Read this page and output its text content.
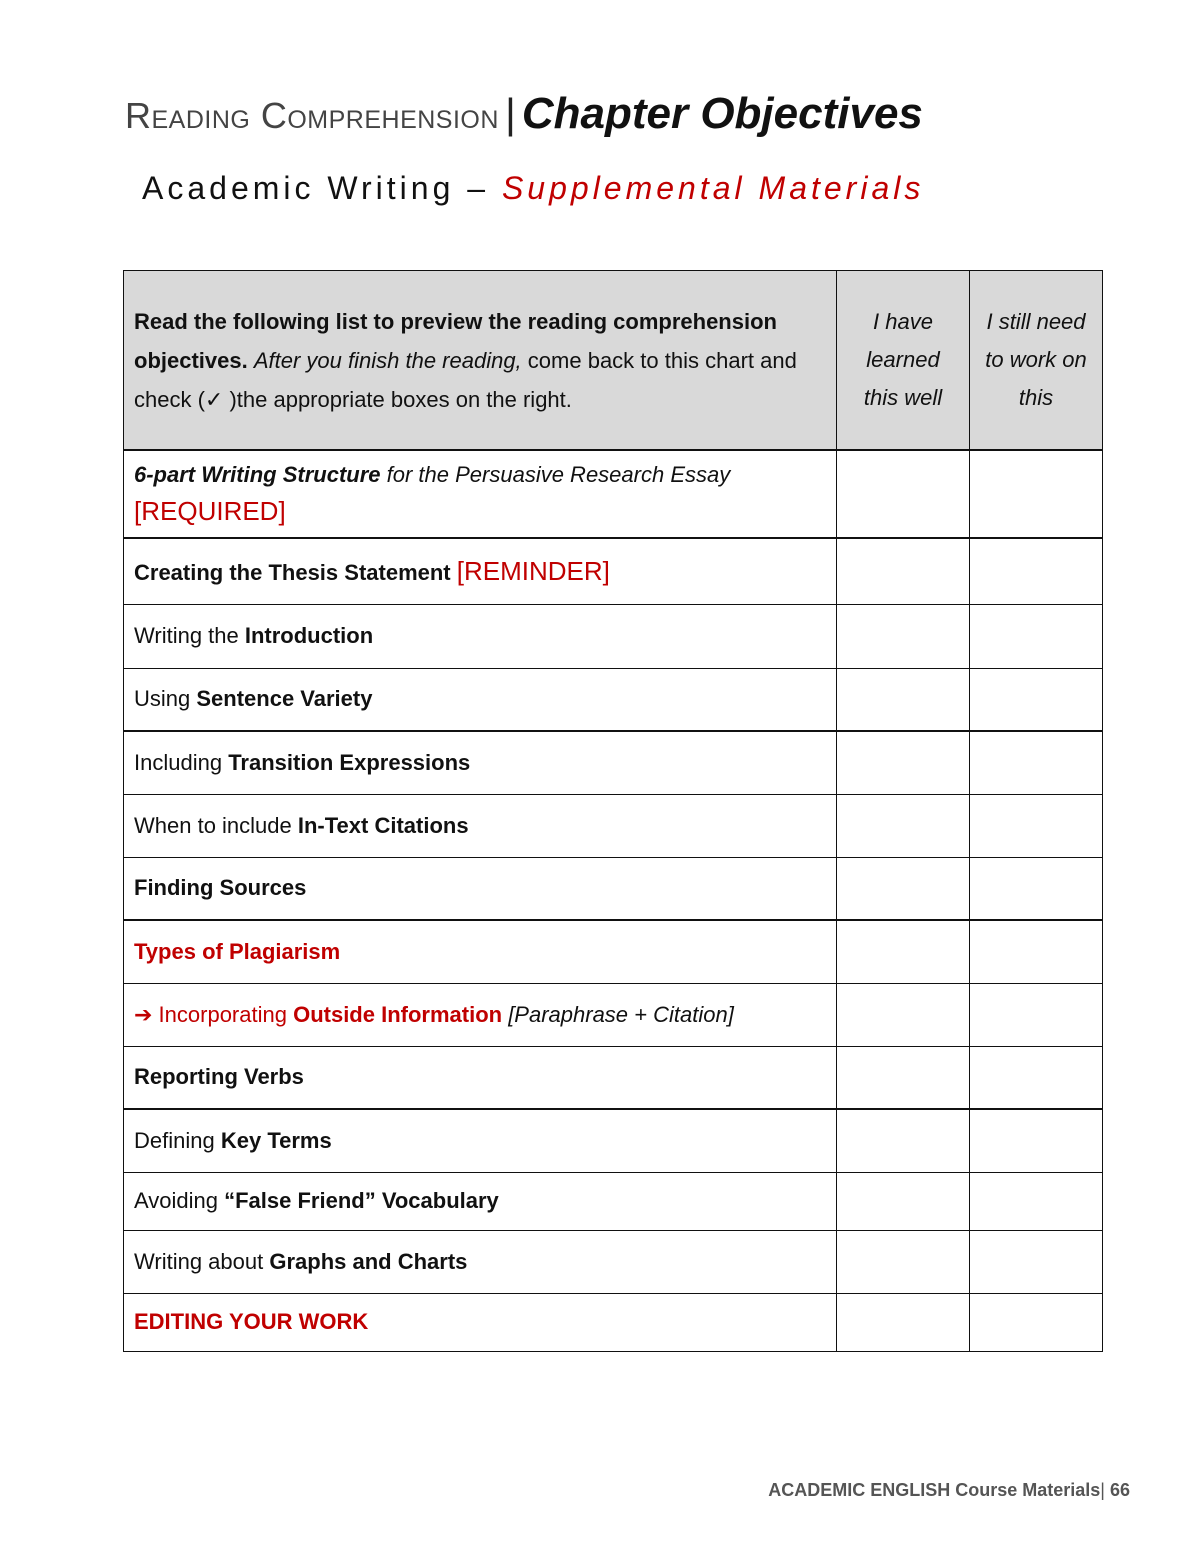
Reading Comprehension | Chapter Objectives
Academic Writing – Supplemental Materials
Read the following list to preview the reading comprehension objectives. After you finish the reading, come back to this chart and check (✓ )the appropriate boxes on the right.	I have learned this well	I still need to work on this
6-part Writing Structure for the Persuasive Research Essay [REQUIRED]		
Creating the Thesis Statement [REMINDER]		
Writing the Introduction		
Using Sentence Variety		
Including Transition Expressions		
When to include In-Text Citations		
Finding Sources		
Types of Plagiarism		
➔ Incorporating Outside Information [Paraphrase + Citation]		
Reporting Verbs		
Defining Key Terms		
Avoiding “False Friend” Vocabulary		
Writing about Graphs and Charts		
EDITING YOUR WORK		
ACADEMIC ENGLISH Course Materials| 66
